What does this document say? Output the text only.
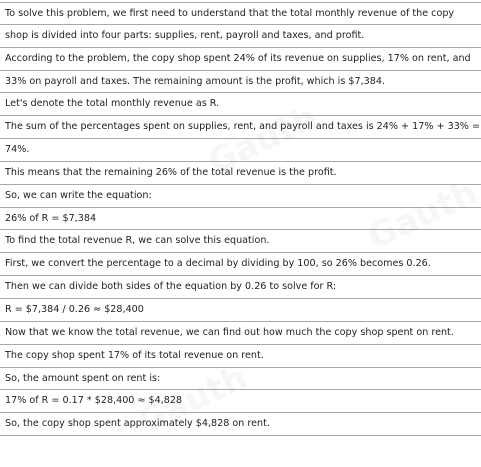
To solve this problem, we first need to understand that the total monthly revenue of the copy
shop is divided into four parts: supplies, rent, payroll and taxes, and profit.
According to the problem, the copy shop spent 24% of its revenue on supplies, 17% on rent, and
33% on payroll and taxes. The remaining amount is the profit, which is $7,384.
Let's denote the total monthly revenue as R.
The sum of the percentages spent on supplies, rent, and payroll and taxes is 24% + 17% + 33% =
74%.
This means that the remaining 26% of the total revenue is the profit.
So, we can write the equation:
26% of R = $7,384
To find the total revenue R, we can solve this equation.
First, we convert the percentage to a decimal by dividing by 100, so 26% becomes 0.26.
Then we can divide both sides of the equation by 0.26 to solve for R:
R = $7,384 / 0.26 ≈ $28,400
Now that we know the total revenue, we can find out how much the copy shop spent on rent.
The copy shop spent 17% of its total revenue on rent.
So, the amount spent on rent is:
17% of R = 0.17 * $28,400 ≈ $4,828
So, the copy shop spent approximately $4,828 on rent.
